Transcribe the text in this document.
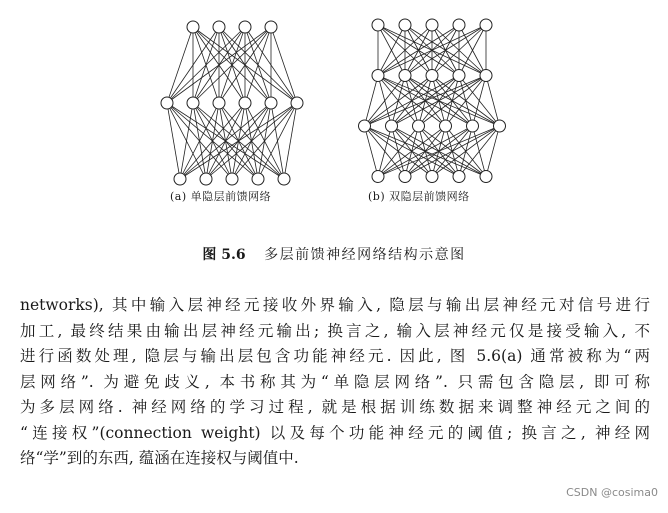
(a) 单隐层前馈网络	(b) 双隐层前馈网络
图 5.6 多层前馈神经网络结构示意图
networks), 其中输入层神经元接收外界输入, 隐层与输出层神经元对信号进行
加工, 最终结果由输出层神经元输出; 换言之, 输入层神经元仅是接受输入, 不
进行函数处理, 隐层与输出层包含功能神经元. 因此, 图 5.6(a) 通常被称为“两
层网络”. 为避免歧义, 本书称其为“单隐层网络”. 只需包含隐层, 即可称
为多层网络. 神经网络的学习过程, 就是根据训练数据来调整神经元之间的
“连接权”(connection weight) 以及每个功能神经元的阈值; 换言之, 神经网
络“学”到的东西, 蕴涵在连接权与阈值中.
CSDN @cosima0
